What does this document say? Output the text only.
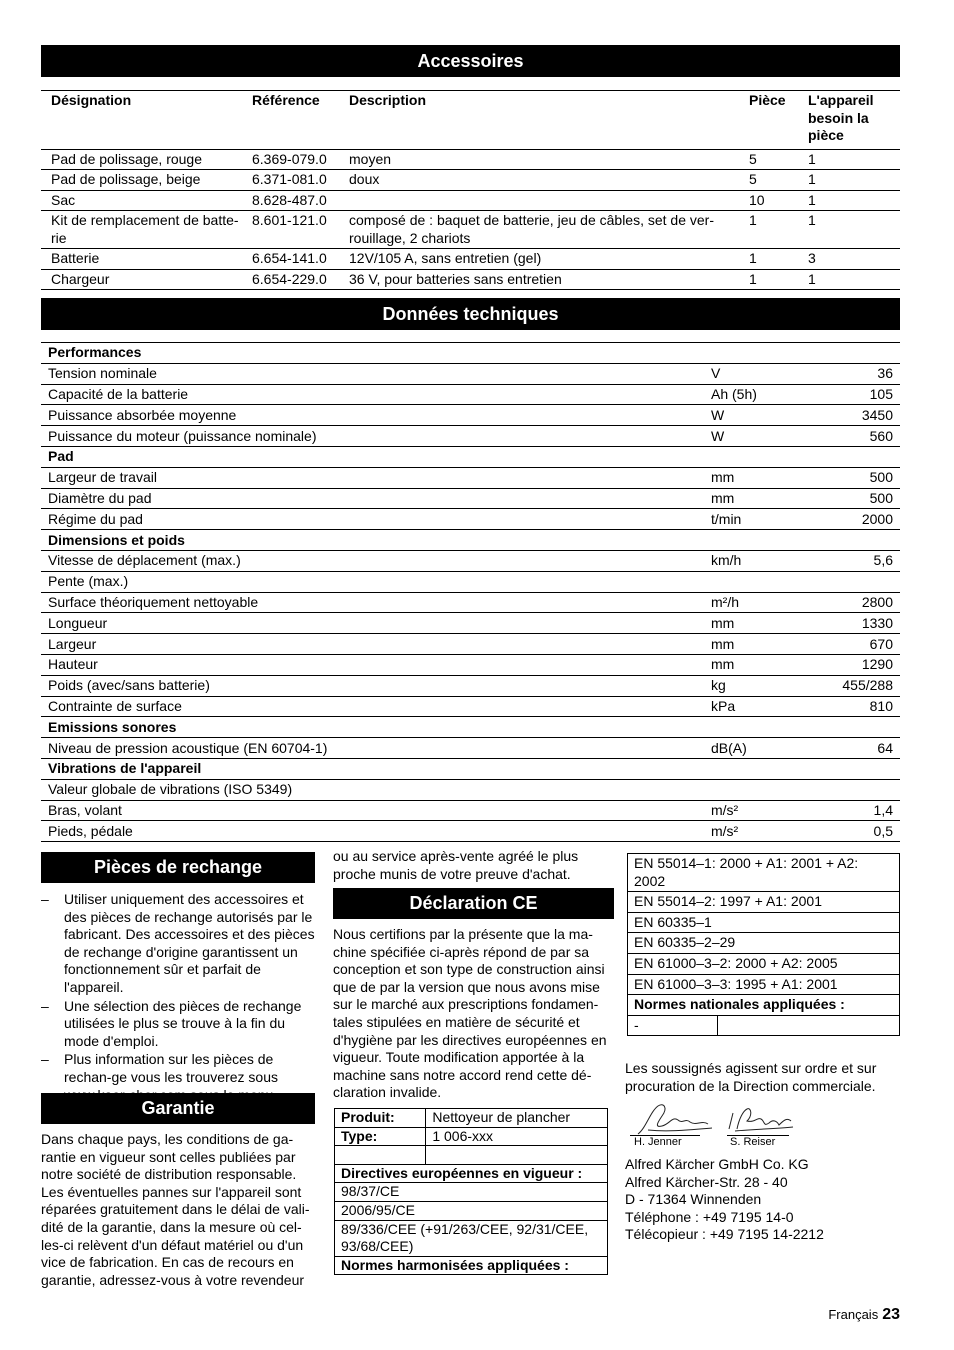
Accessoires
Désignation	Référence	Description	Pièce	L'appareil besoin la pièce
Pad de polissage, rouge	6.369-079.0	moyen	5	1
Pad de polissage, beige	6.371-081.0	doux	5	1
Sac	8.628-487.0		10	1
Kit de remplacement de batte-rie	8.601-121.0	composé de : baquet de batterie, jeu de câbles, set de ver-rouillage, 2 chariots	1	1
Batterie	6.654-141.0	12V/105 A, sans entretien (gel)	1	3
Chargeur	6.654-229.0	36 V, pour batteries sans entretien	1	1
Données techniques
Performances		
Tension nominale	V	36
Capacité de la batterie	Ah (5h)	105
Puissance absorbée moyenne	W	3450
Puissance du moteur (puissance nominale)	W	560
Pad		
Largeur de travail	mm	500
Diamètre du pad	mm	500
Régime du pad	t/min	2000
Dimensions et poids		
Vitesse de déplacement (max.)	km/h	5,6
Pente (max.)		
Surface théoriquement nettoyable	m²/h	2800
Longueur	mm	1330
Largeur	mm	670
Hauteur	mm	1290
Poids (avec/sans batterie)	kg	455/288
Contrainte de surface	kPa	810
Emissions sonores		
Niveau de pression acoustique (EN 60704-1)	dB(A)	64
Vibrations de l'appareil		
Valeur globale de vibrations (ISO 5349)		
Bras, volant	m/s²	1,4
Pieds, pédale	m/s²	0,5
Pièces de rechange
– Utiliser uniquement des accessoires et des pièces de rechange autorisés par le fabricant. Des accessoires et des pièces de rechange d'origine garantissent un fonctionnement sûr et parfait de l'appareil.
– Une sélection des pièces de rechange utilisées le plus se trouve à la fin du mode d'emploi.
– Plus information sur les pièces de rechan-ge vous les trouverez sous
Garantie

Dans chaque pays, les conditions de ga-rantie en vigueur sont celles publiées par notre société de distribution responsable. Les éventuelles pannes sur l'appareil sont réparées gratuitement dans le délai de vali-dité de la garantie, dans la mesure où cel-les-ci relèvent d'un défaut matériel ou d'un vice de fabrication. En cas de recours en garantie, adressez-vous à votre revendeur

ou au service après-vente agréé le plus proche munis de votre preuve d'achat.

Déclaration CE

Nous certifions par la présente que la ma-chine spécifiée ci-après répond de par sa conception et son type de construction ainsi que de par la version que nous avons mise sur le marché aux prescriptions fondamen-tales stipulées en matière de sécurité et d'hygiène par les directives européennes en vigueur. Toute modification apportée à la machine sans notre accord rend cette dé-claration invalide.

Produit:	Nettoyeur de plancher
Type:	1 006-xxx

Directives européennes en vigueur :	
98/37/CE	
2006/95/CE	
89/336/CEE (+91/263/CEE, 92/31/CEE, 93/68/CEE)	
Normes harmonisées appliquées :	
EN 55014–1: 2000 + A1: 2001 + A2: 2002
EN 55014–2: 1997 + A1: 2001
EN 60335–1
EN 60335–2–29
EN 61000–3–2: 2000 + A2: 2005
EN 61000–3–3: 1995 + A1: 2001
Normes nationales appliquées :
-	

Les soussignés agissent sur ordre et sur procuration de la Direction commerciale.

H. Jenner	S. Reiser
Alfred Kärcher GmbH Co. KG
Alfred Kärcher-Str. 28 - 40
D - 71364 Winnenden
Téléphone : +49 7195 14-0
Télécopieur : +49 7195 14-2212
Français 23
